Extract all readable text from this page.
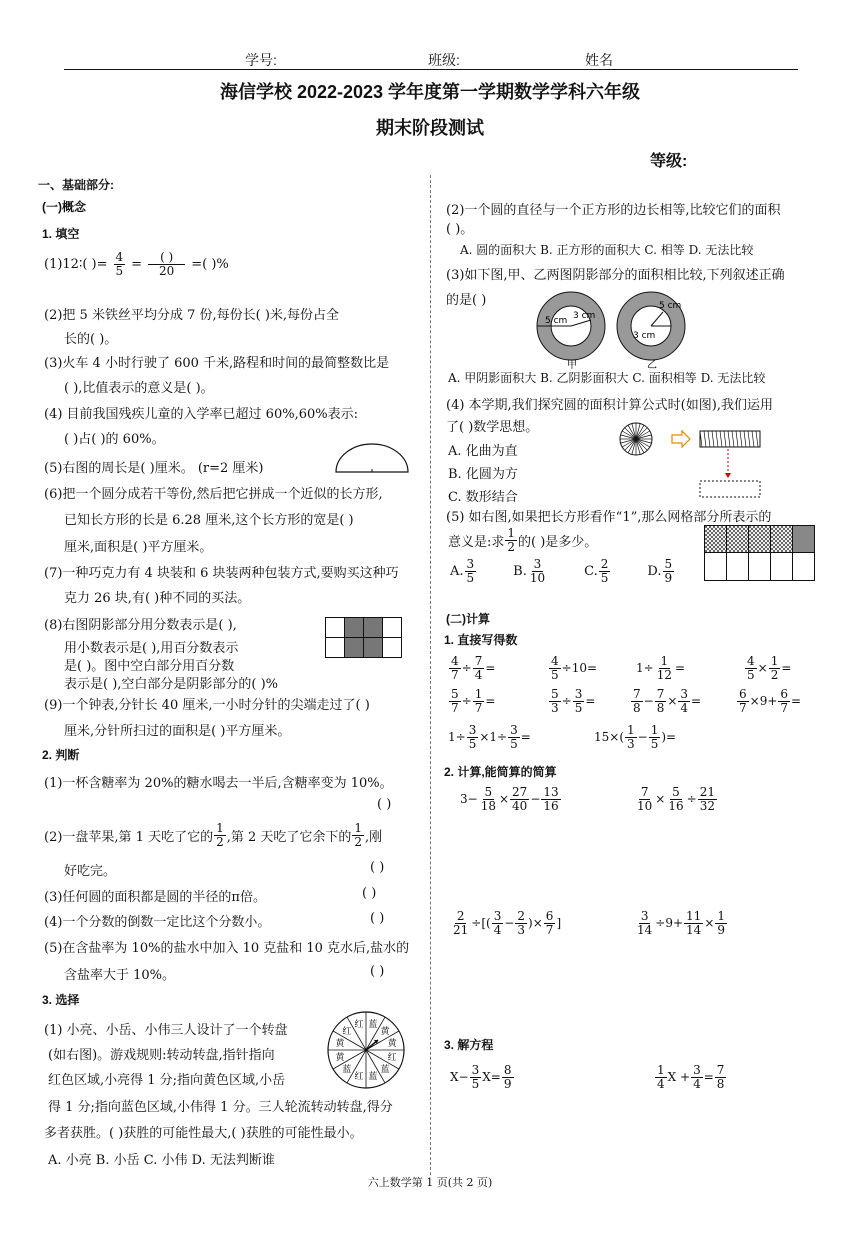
学号:	班级:	姓名
海信学校 2022-2023 学年度第一学期数学学科六年级
期末阶段测试
等级:
一、基础部分:
(一)概念
1. 填空
(1)12∶( )= $\frac{4}{5} = \frac{( )}{20}$ =( )%
(2)把 5 米铁丝平均分成 7 份,每份长( )米,每份占全
长的( )。
(3)火车 4 小时行驶了 600 千米,路程和时间的最简整数比是
( ),比值表示的意义是( )。
(4) 目前我国残疾儿童的入学率已超过 60%,60%表示:
( )占( )的 60%。
(5)右图的周长是( )厘米。 (r=2 厘米)
(6)把一个圆分成若干等份,然后把它拼成一个近似的长方形,
已知长方形的长是 6.28 厘米,这个长方形的宽是( )
厘米,面积是( )平方厘米。
(7)一种巧克力有 4 块装和 6 块装两种包装方式,要购买这种巧
克力 26 块,有( )种不同的买法。
(8)右图阴影部分用分数表示是( ),
用小数表示是( ),用百分数表示
是( )。图中空白部分用百分数
表示是( ),空白部分是阴影部分的( )%
(9)一个钟表,分针长 40 厘米,一小时分针的尖端走过了( )
厘米,分针所扫过的面积是( )平方厘米。
2. 判断
(1)一杯含糖率为 20%的糖水喝去一半后,含糖率变为 10%。
( )
(2)一盘苹果,第 1 天吃了它的 $\frac{1}{2}$ ,第 2 天吃了它余下的 $\frac{1}{2}$ ,刚
好吃完。	( )
(3)任何圆的面积都是圆的半径的π倍。	( )
(4)一个分数的倒数一定比这个分数小。	( )
(5)在含盐率为 10%的盐水中加入 10 克盐和 10 克水后,盐水的
含盐率大于 10%。	( )
3. 选择
(1) 小亮、小岳、小伟三人设计了一个转盘
(如右图)。游戏规则:转动转盘,指针指向
红色区域,小亮得 1 分;指向黄色区域,小岳
得 1 分;指向蓝色区域,小伟得 1 分。三人轮流转动转盘,得分
多者获胜。( )获胜的可能性最大,( )获胜的可能性最小。
A. 小亮 B. 小岳 C. 小伟 D. 无法判断谁
蓝
黄
黄
红
蓝
蓝
红
蓝
黄
黄
红
红
(2)一个圆的直径与一个正方形的边长相等,比较它们的面积
( )。
A. 圆的面积大 B. 正方形的面积大 C. 相等 D. 无法比较
(3)如下图,甲、乙两图阴影部分的面积相比较,下列叙述正确
的是( )
5 cm 3 cm
3 cm
5 cm
甲	乙
A. 甲阴影面积大 B. 乙阴影面积大 C. 面积相等 D. 无法比较
(4) 本学期,我们探究圆的面积计算公式时(如图),我们运用
了( )数学思想。
A. 化曲为直
B. 化圆为方
C. 数形结合
(5) 如右图,如果把长方形看作“1”,那么网格部分所表示的
意义是:求 $\frac{1}{2}$ 的( )是多少。
A. $\frac{3}{5}$	B. $\frac{3}{10}$	C. $\frac{2}{5}$	D. $\frac{5}{9}$
(二)计算
1. 直接写得数
$\frac{4}{7} \div \frac{7}{4}$ =	$\frac{4}{5} \div 10=$	$1 \div \frac{1}{12}$ =	$\frac{4}{5} \times \frac{1}{2}$ =
$\frac{5}{7} \div \frac{1}{7}$ =	$\frac{5}{3} \div \frac{3}{5}$ =	$\frac{7}{8} - \frac{7}{8} \times \frac{3}{4}$ =	$\frac{6}{7} \times 9+ \frac{6}{7}$ =
$1 \div \frac{3}{5} \times 1 \div \frac{3}{5}$ =	$15\times( \frac{1}{3} - \frac{1}{5}$ )=
2. 计算,能简算的简算
$3- \frac{5}{18} \times \frac{27}{40} - \frac{13}{16}$	$\frac{7}{10} \times \frac{5}{16} \div \frac{21}{32}$
$\frac{2}{21}$ ÷[( $\frac{3}{4} - \frac{2}{3}$ )× $\frac{6}{7}$ ]	$\frac{3}{14} \div 9+ \frac{11}{14} \times \frac{1}{9}$
3. 解方程
$X- \frac{3}{5} X= \frac{8}{9}$	$\frac{1}{4}$ $X + \frac{3}{4} = \frac{7}{8}$
六上数学第 1 页(共 2 页)
